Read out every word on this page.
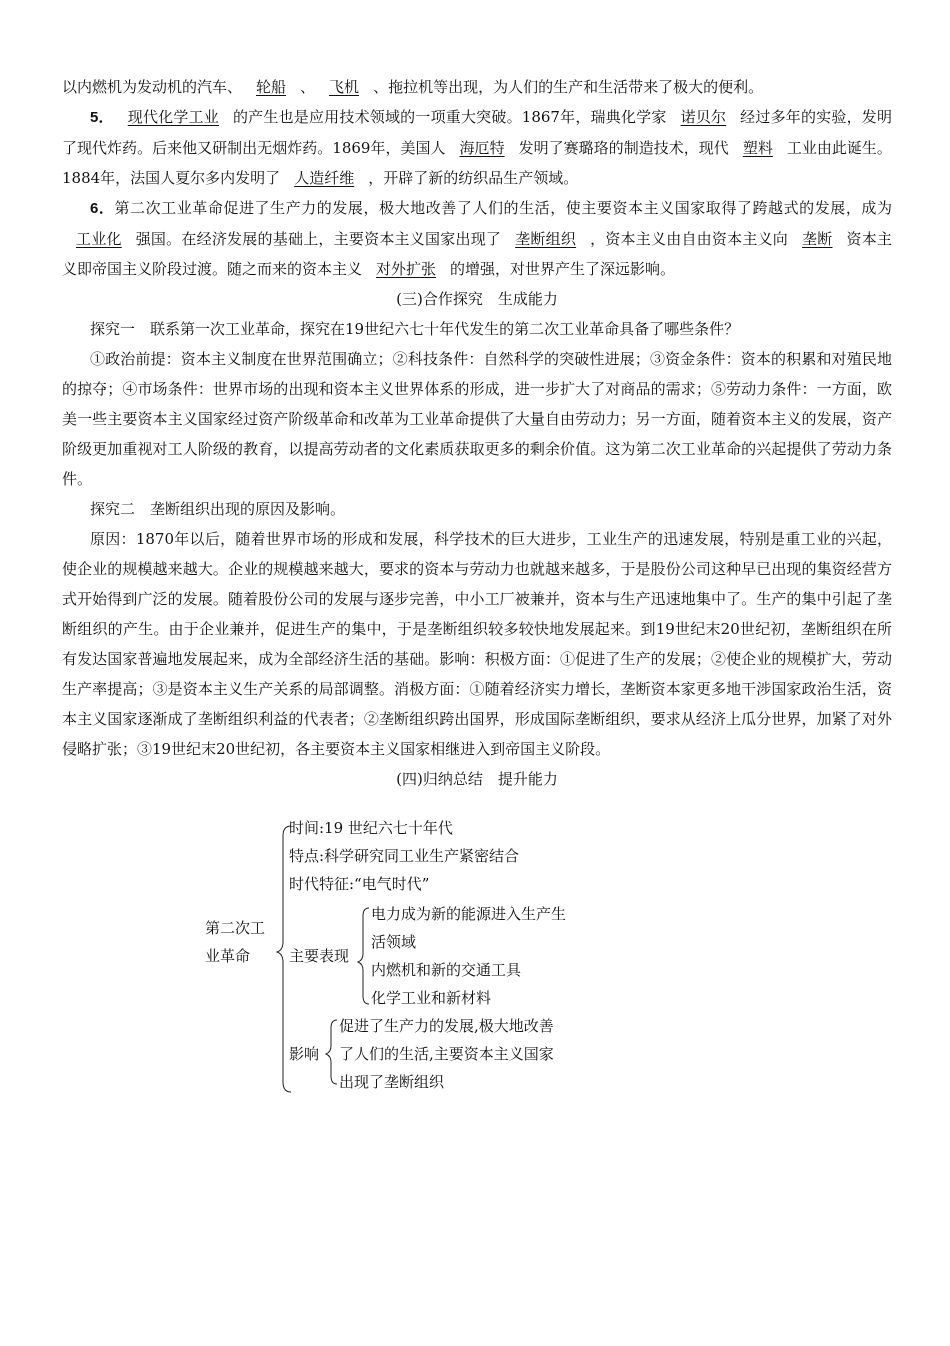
以内燃机为发动机的汽车、 轮船 、 飞机 、拖拉机等出现，为人们的生产和生活带来了极大的便利。

5． 现代化学工业 的产生也是应用技术领域的一项重大突破。1867年，瑞典化学家 诺贝尔 经过多年的实验，发明了现代炸药。后来他又研制出无烟炸药。1869年，美国人 海厄特 发明了赛璐珞的制造技术，现代 塑料 工业由此诞生。1884年，法国人夏尔多内发明了 人造纤维 ，开辟了新的纺织品生产领域。

6．第二次工业革命促进了生产力的发展，极大地改善了人们的生活，使主要资本主义国家取得了跨越式的发展，成为工业化 强国。在经济发展的基础上，主要资本主义国家出现了 垄断组织 ，资本主义由自由资本主义向 垄断 资本主义即帝国主义阶段过渡。随之而来的资本主义 对外扩张 的增强，对世界产生了深远影响。

(三)合作探究　生成能力

探究一　联系第一次工业革命，探究在19世纪六七十年代发生的第二次工业革命具备了哪些条件？

①政治前提：资本主义制度在世界范围确立；②科技条件：自然科学的突破性进展；③资金条件：资本的积累和对殖民地的掠夺；④市场条件：世界市场的出现和资本主义世界体系的形成，进一步扩大了对商品的需求；⑤劳动力条件：一方面，欧美一些主要资本主义国家经过资产阶级革命和改革为工业革命提供了大量自由劳动力；另一方面，随着资本主义的发展，资产阶级更加重视对工人阶级的教育，以提高劳动者的文化素质获取更多的剩余价值。这为第二次工业革命的兴起提供了劳动力条件。

探究二　垄断组织出现的原因及影响。

原因：1870年以后，随着世界市场的形成和发展，科学技术的巨大进步，工业生产的迅速发展，特别是重工业的兴起，使企业的规模越来越大。企业的规模越来越大，要求的资本与劳动力也就越来越多，于是股份公司这种早已出现的集资经营方式开始得到广泛的发展。随着股份公司的发展与逐步完善，中小工厂被兼并，资本与生产迅速地集中了。生产的集中引起了垄断组织的产生。由于企业兼并，促进生产的集中，于是垄断组织较多较快地发展起来。到19世纪末20世纪初，垄断组织在所有发达国家普遍地发展起来，成为全部经济生活的基础。影响：积极方面：①促进了生产的发展；②使企业的规模扩大，劳动生产率提高；③是资本主义生产关系的局部调整。消极方面：①随着经济实力增长，垄断资本家更多地干涉国家政治生活，资本主义国家逐渐成了垄断组织利益的代表者；②垄断组织跨出国界，形成国际垄断组织，要求从经济上瓜分世界，加紧了对外侵略扩张；③19世纪末20世纪初，各主要资本主义国家相继进入到帝国主义阶段。

(四)归纳总结　提升能力

第二次工
业革命
时间:19 世纪六七十年代
特点:科学研究同工业生产紧密结合
时代特征:“电气时代”
主要表现
电力成为新的能源进入生产生
活领域
内燃机和新的交通工具
化学工业和新材料
影响
促进了生产力的发展,极大地改善
了人们的生活,主要资本主义国家
出现了垄断组织
